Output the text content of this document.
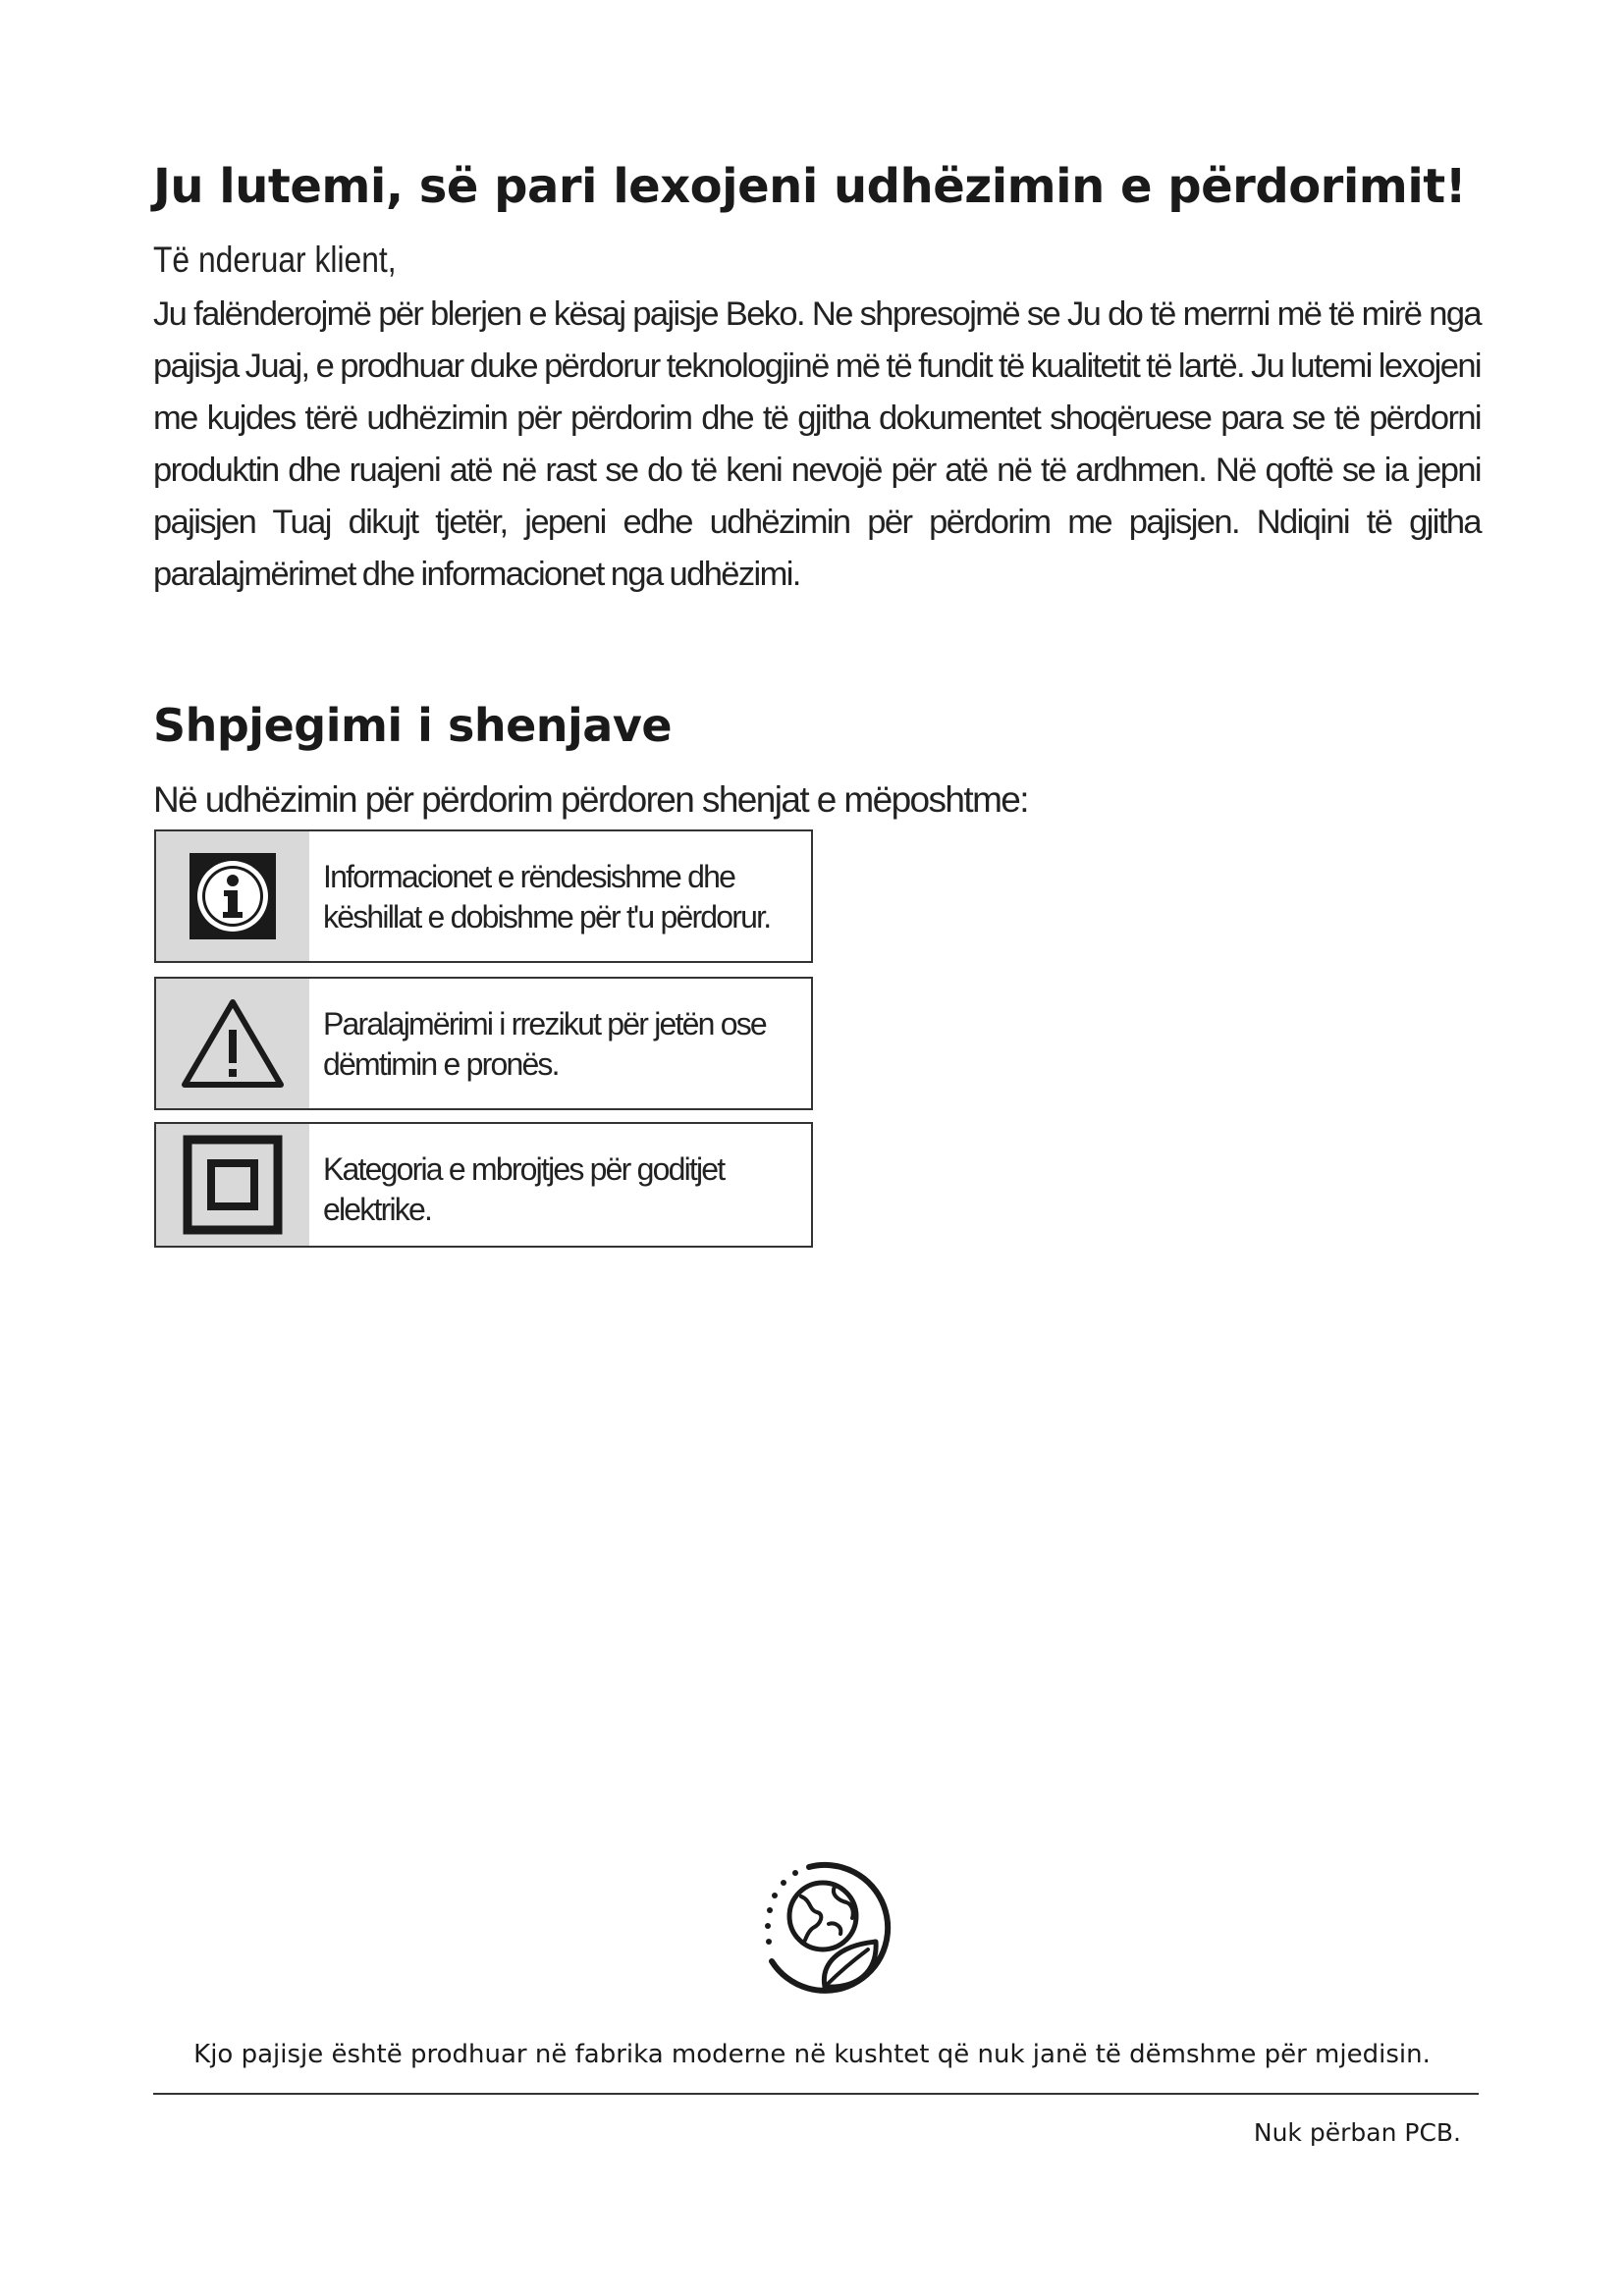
Ju lutemi, së pari lexojeni udhëzimin e përdorimit!
Të nderuar klient,

Ju falënderojmë për blerjen e kësaj pajisje Beko. Ne shpresojmë se Ju do të merrni më të mirë nga pajisja Juaj, e prodhuar duke përdorur teknologjinë më të fundit të kualitetit të lartë. Ju lutemi lexojeni me kujdes tërë udhëzimin për përdorim dhe të gjitha dokumentet shoqëruese para se të përdorni produktin dhe ruajeni atë në rast se do të keni nevojë për atë në të ardhmen. Në qoftë se ia jepni pajisjen Tuaj dikujt tjetër, jepeni edhe udhëzimin për përdorim me pajisjen. Ndiqini të gjitha paralajmërimet dhe informacionet nga udhëzimi.

Shpjegimi i shenjave
Në udhëzimin për përdorim përdoren shenjat e mëposhtme:
Informacionet e rëndesishme dhe
këshillat e dobishme për t'u përdorur.
Paralajmërimi i rrezikut për jetën ose
dëmtimin e pronës.
Kategoria e mbrojtjes për goditjet
elektrike.
Kjo pajisje është prodhuar në fabrika moderne në kushtet që nuk janë të dëmshme për mjedisin.
Nuk përban PCB.
